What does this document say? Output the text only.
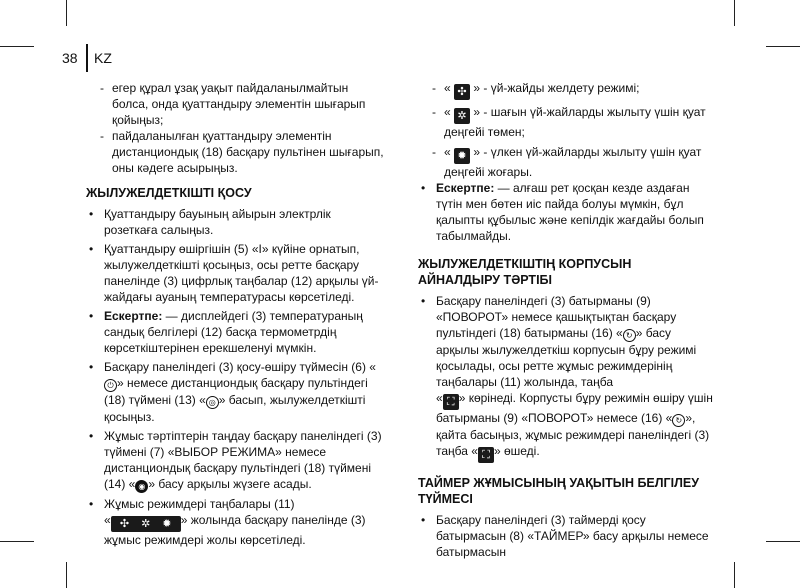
38 KZ

- егер құрал ұзақ уақыт пайдаланылмайтын болса, онда қуаттандыру элементін шығарып қойыңыз;

- пайдаланылған қуаттандыру элементін дистанциондық (18) басқару пультінен шығарып, оны кәдеге асырыңыз.

ЖЫЛУЖЕЛДЕТКІШТІ ҚОСУ

• Қуаттандыру бауының айырын электрлік розеткаға салыңыз.

• Қуаттандыру өшіргішін (5) «I» күйіне орнатып, жылужелдеткішті қосыңыз, осы ретте басқару панелінде (3) цифрлық таңбалар (12) арқылы үй-жайдағы ауаның температурасы көрсетіледі.

• Ескертпе: — дисплейдегі (3) температураның сандық белгілері (12) басқа термометрдің көрсеткіштерінен ерекшеленуі мүмкін.

• Басқару панеліндегі (3) қосу-өшіру түймесін (6) «⏻ » немесе дистанциондық басқару пультіндегі (18) түймені (13) « ◎ » басып, жылужелдеткішті қосыңыз.

• Жұмыс тәртіптерін таңдау басқару панеліндегі (3) түймені (7) «ВЫБОР РЕЖИМА» немесе дистанциондық басқару пультіндегі (18) түймені (14) « ◉ » басу арқылы жүзеге асады.

• Жұмыс режимдері таңбалары (11)
« ✣ ✲ ✹ » жолында басқару панелінде (3) жұмыс режимдері жолы көрсетіледі.

- « ✣ » - үй-жайды желдету режимі;

- « ✲ » - шағын үй-жайларды жылыту үшін қуат деңгейі төмен;

- « ✹ » - үлкен үй-жайларды жылыту үшін қуат деңгейі жоғары.

• Ескертпе: — алғаш рет қосқан кезде аздаған түтін мен бөтен иіс пайда болуы мүмкін, бұл қалыпты құбылыс және кепілдік жағдайы болып табылмайды.

ЖЫЛУЖЕЛДЕТКІШТІҢ КОРПУСЫН АЙНАЛДЫРУ ТӘРТІБІ

• Басқару панеліндегі (3) батырманы (9) «ПОВОРОТ» немесе қашықтықтан басқару пультіндегі (18) батырманы (16) « ↻ » басу арқылы жылужелдеткіш корпусын бұру режимі қосылады, осы ретте жұмыс режимдерінің таңбалары (11) жолында, таңба
« ⛶ » көрінеді. Корпусты бұру режимін өшіру үшін батырманы (9) «ПОВОРОТ» немесе (16) « ↻ », қайта басыңыз, жұмыс режимдері панеліндегі (3)
таңба « ⛶ » өшеді.

ТАЙМЕР ЖҰМЫСЫНЫҢ УАҚЫТЫН БЕЛГІЛЕУ ТҮЙМЕСІ

• Басқару панеліндегі (3) таймерді қосу батырмасын (8) «ТАЙМЕР» басу арқылы немесе батырмасын
